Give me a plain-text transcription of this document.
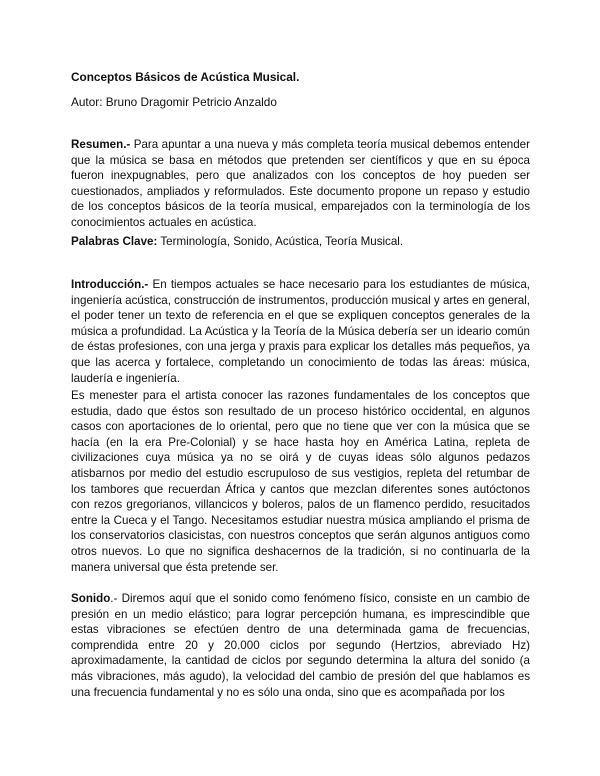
Conceptos Básicos de Acústica Musical.
Autor: Bruno Dragomir Petricio Anzaldo

Resumen.- Para apuntar a una nueva y más completa teoría musical debemos entender que la música se basa en métodos que pretenden ser científicos y que en su época fueron inexpugnables, pero que analizados con los conceptos de hoy pueden ser cuestionados, ampliados y reformulados. Este documento propone un repaso y estudio de los conceptos básicos de la teoría musical, emparejados con la terminología de los conocimientos actuales en acústica.

Palabras Clave: Terminología, Sonido, Acústica, Teoría Musical.

Introducción.- En tiempos actuales se hace necesario para los estudiantes de música, ingeniería acústica, construcción de instrumentos, producción musical y artes en general, el poder tener un texto de referencia en el que se expliquen conceptos generales de la música a profundidad. La Acústica y la Teoría de la Música debería ser un ideario común de éstas profesiones, con una jerga y praxis para explicar los detalles más pequeños, ya que las acerca y fortalece, completando un conocimiento de todas las áreas: música, laudería e ingeniería.

Es menester para el artista conocer las razones fundamentales de los conceptos que estudia, dado que éstos son resultado de un proceso histórico occidental, en algunos casos con aportaciones de lo oriental, pero que no tiene que ver con la música que se hacía (en la era Pre-Colonial) y se hace hasta hoy en América Latina, repleta de civilizaciones cuya música ya no se oirá y de cuyas ideas sólo algunos pedazos atisbarnos por medio del estudio escrupuloso de sus vestigios, repleta del retumbar de los tambores que recuerdan África y cantos que mezclan diferentes sones autóctonos con rezos gregorianos, villancicos y boleros, palos de un flamenco perdido, resucitados entre la Cueca y el Tango. Necesitamos estudiar nuestra música ampliando el prisma de los conservatorios clasicistas, con nuestros conceptos que serán algunos antiguos como otros nuevos. Lo que no significa deshacernos de la tradición, si no continuarla de la manera universal que ésta pretende ser.

Sonido.- Diremos aquí que el sonido como fenómeno físico, consiste en un cambio de presión en un medio elástico; para lograr percepción humana, es imprescindible que estas vibraciones se efectúen dentro de una determinada gama de frecuencias, comprendida entre 20 y 20.000 ciclos por segundo (Hertzios, abreviado Hz) aproximadamente, la cantidad de ciclos por segundo determina la altura del sonido (a más vibraciones, más agudo), la velocidad del cambio de presión del que hablamos es una frecuencia fundamental y no es sólo una onda, sino que es acompañada por los
